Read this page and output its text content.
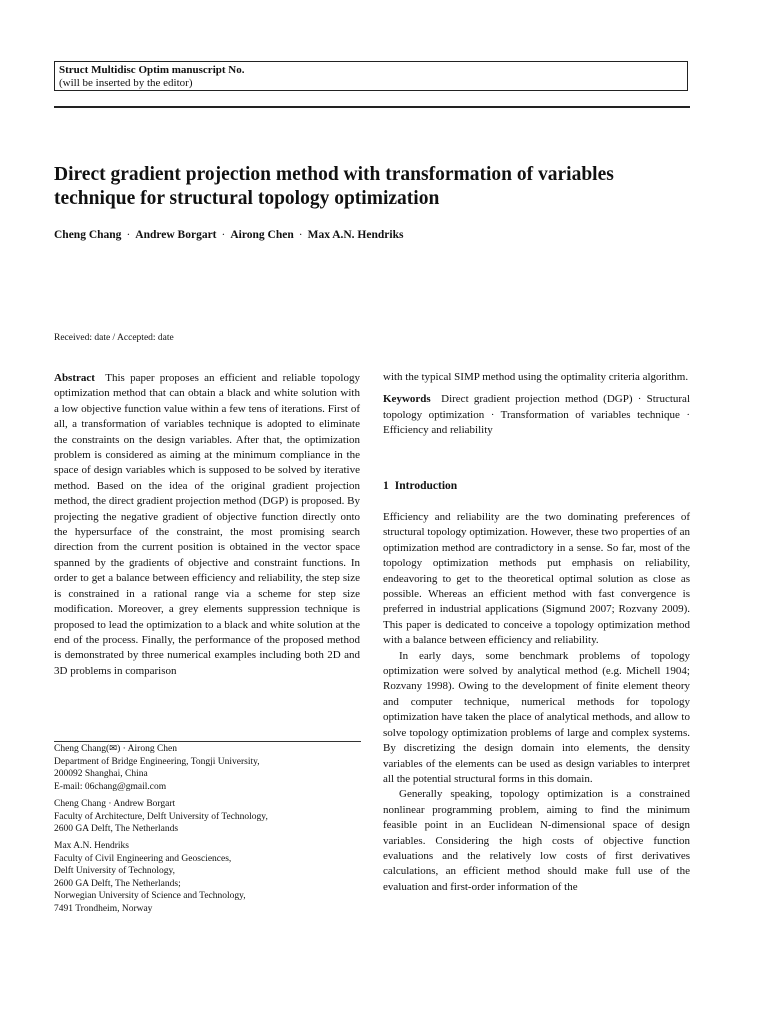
Struct Multidisc Optim manuscript No.
(will be inserted by the editor)
Direct gradient projection method with transformation of variables technique for structural topology optimization
Cheng Chang · Andrew Borgart · Airong Chen · Max A.N. Hendriks
Received: date / Accepted: date

Abstract This paper proposes an efficient and reliable topology optimization method that can obtain a black and white solution with a low objective function value within a few tens of iterations. First of all, a transformation of variables technique is adopted to eliminate the constraints on the design variables. After that, the optimization problem is considered as aiming at the minimum compliance in the space of design variables which is supposed to be solved by iterative method. Based on the idea of the original gradient projection method, the direct gradient projection method (DGP) is proposed. By projecting the negative gradient of objective function directly onto the hypersurface of the constraint, the most promising search direction from the current position is obtained in the vector space spanned by the gradients of objective and constraint functions. In order to get a balance between efficiency and reliability, the step size is constrained in a rational range via a scheme for step size modification. Moreover, a grey elements suppression technique is proposed to lead the optimization to a black and white solution at the end of the process. Finally, the performance of the proposed method is demonstrated by three numerical examples including both 2D and 3D problems in comparison

with the typical SIMP method using the optimality criteria algorithm.

Keywords Direct gradient projection method (DGP) · Structural topology optimization · Transformation of variables technique · Efficiency and reliability

1 Introduction

Efficiency and reliability are the two dominating preferences of structural topology optimization. However, these two properties of an optimization method are contradictory in a sense. So far, most of the topology optimization methods put emphasis on reliability, endeavoring to get to the theoretical optimal solution as close as possible. Whereas an efficient method with fast convergence is preferred in industrial applications (Sigmund 2007; Rozvany 2009). This paper is dedicated to conceive a topology optimization method with a balance between efficiency and reliability.

In early days, some benchmark problems of topology optimization were solved by analytical method (e.g. Michell 1904; Rozvany 1998). Owing to the development of finite element theory and computer technique, numerical methods for topology optimization have taken the place of analytical methods, and allow to solve topology optimization problems of large and complex systems. By discretizing the design domain into elements, the density variables of the elements can be used as design variables to interpret all the potential structural forms in this domain.

Generally speaking, topology optimization is a constrained nonlinear programming problem, aiming to find the minimum feasible point in an Euclidean N-dimensional space of design variables. Considering the high costs of objective function evaluations and the relatively low costs of first derivatives calculations, an efficient method should make full use of the evaluation and first-order information of the

Cheng Chang(✉) · Airong Chen
Department of Bridge Engineering, Tongji University,
200092 Shanghai, China
E-mail: 06chang@gmail.com
Cheng Chang · Andrew Borgart
Faculty of Architecture, Delft University of Technology,
2600 GA Delft, The Netherlands
Max A.N. Hendriks
Faculty of Civil Engineering and Geosciences,
Delft University of Technology,
2600 GA Delft, The Netherlands;
Norwegian University of Science and Technology,
7491 Trondheim, Norway
